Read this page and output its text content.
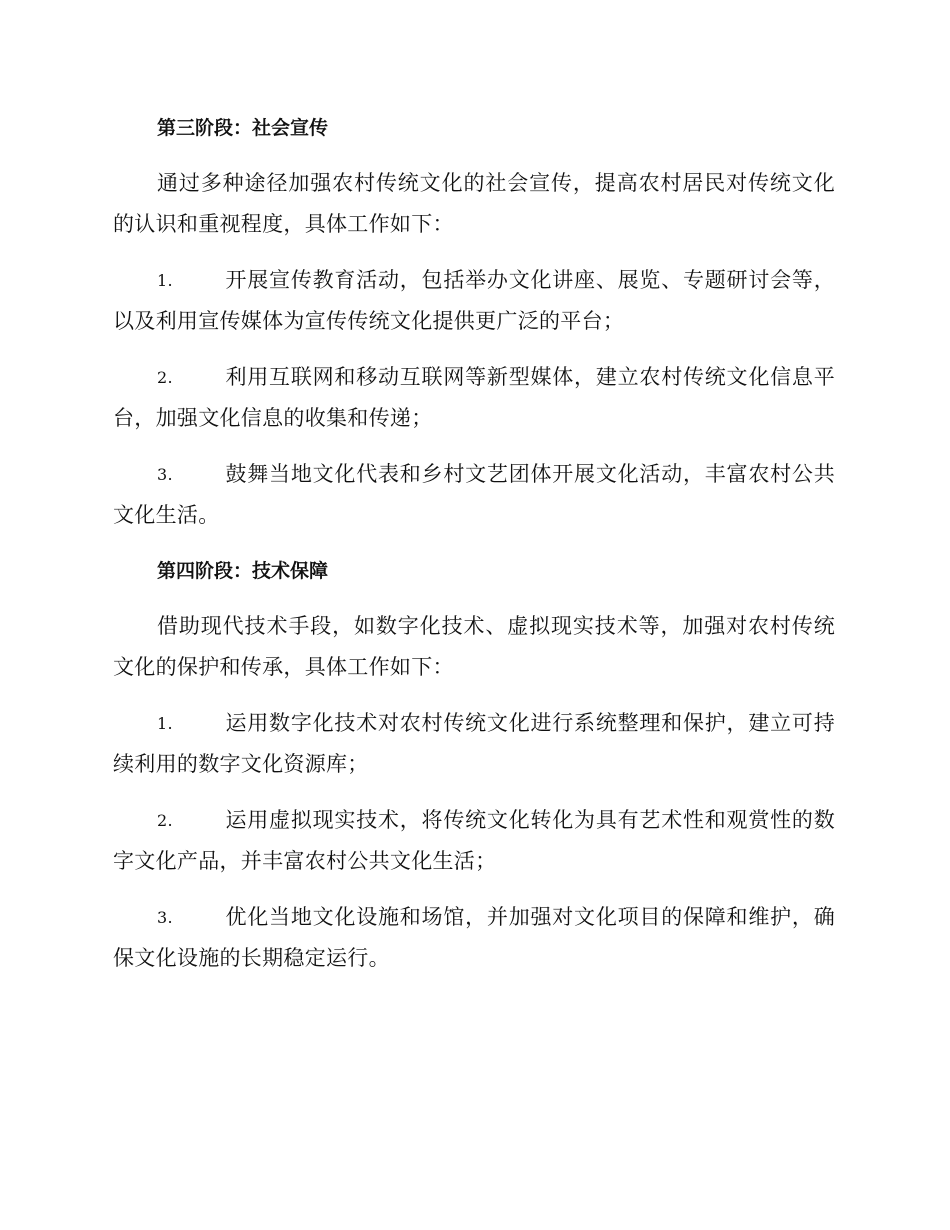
第三阶段：社会宣传

通过多种途径加强农村传统文化的社会宣传，提高农村居民对传统文化的认识和重视程度，具体工作如下：

1. 开展宣传教育活动，包括举办文化讲座、展览、专题研讨会等，以及利用宣传媒体为宣传传统文化提供更广泛的平台；

2. 利用互联网和移动互联网等新型媒体，建立农村传统文化信息平台，加强文化信息的收集和传递；

3. 鼓舞当地文化代表和乡村文艺团体开展文化活动，丰富农村公共文化生活。

第四阶段：技术保障

借助现代技术手段，如数字化技术、虚拟现实技术等，加强对农村传统文化的保护和传承，具体工作如下：

1. 运用数字化技术对农村传统文化进行系统整理和保护，建立可持续利用的数字文化资源库；

2. 运用虚拟现实技术，将传统文化转化为具有艺术性和观赏性的数字文化产品，并丰富农村公共文化生活；

3. 优化当地文化设施和场馆，并加强对文化项目的保障和维护，确保文化设施的长期稳定运行。
